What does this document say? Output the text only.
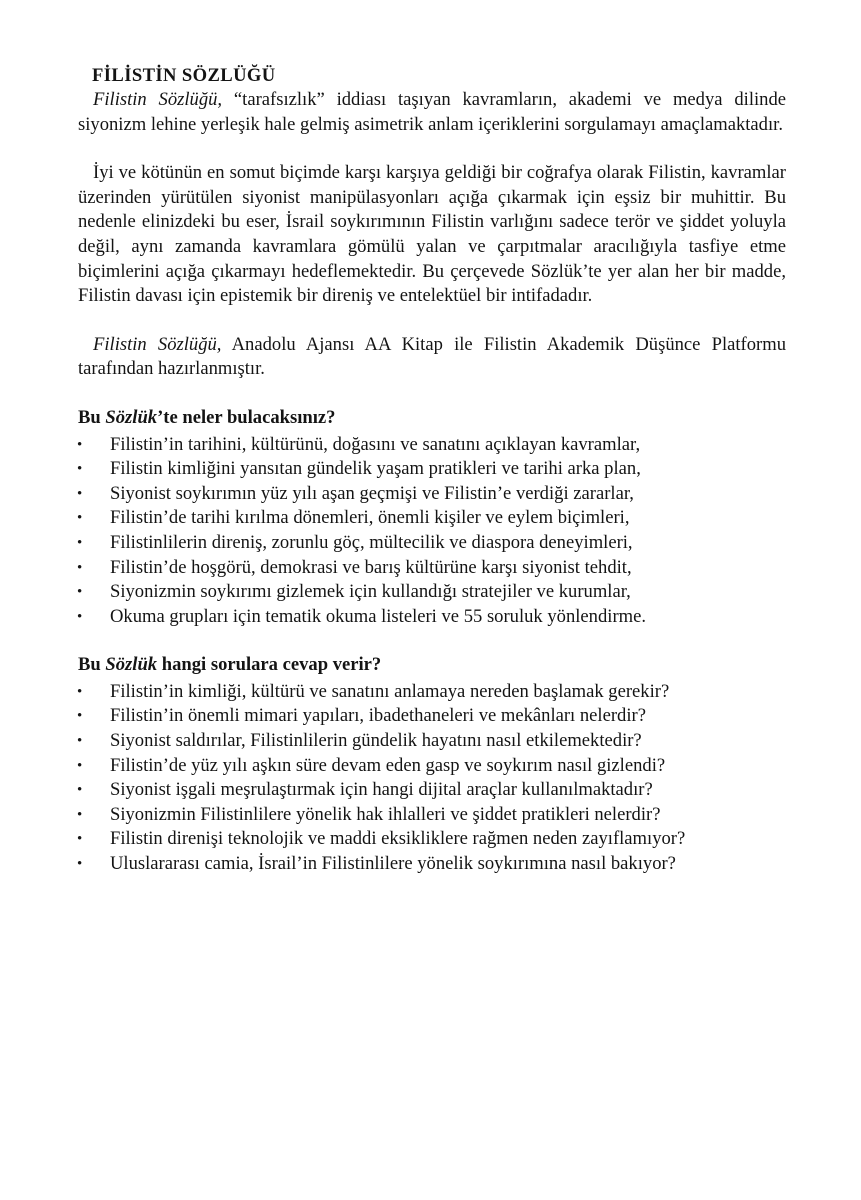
FİLİSTİN SÖZLÜĞÜ

Filistin Sözlüğü, “tarafsızlık” iddiası taşıyan kavramların, akademi ve medya dilinde siyonizm lehine yerleşik hale gelmiş asimetrik anlam içeriklerini sorgulamayı amaçlamaktadır.

İyi ve kötünün en somut biçimde karşı karşıya geldiği bir coğrafya olarak Filistin, kavramlar üzerinden yürütülen siyonist manipülasyonları açığa çıkarmak için eşsiz bir muhittir. Bu nedenle elinizdeki bu eser, İsrail soykırımının Filistin varlığını sadece terör ve şiddet yoluyla değil, aynı zamanda kavramlara gömülü yalan ve çarpıtmalar aracılığıyla tasfiye etme biçimlerini açığa çıkarmayı hedeflemektedir. Bu çerçevede Sözlük’te yer alan her bir madde, Filistin davası için epistemik bir direniş ve entelektüel bir intifadadır.

Filistin Sözlüğü, Anadolu Ajansı AA Kitap ile Filistin Akademik Düşünce Platformu tarafından hazırlanmıştır.

Bu Sözlük’te neler bulacaksınız?

• Filistin’in tarihini, kültürünü, doğasını ve sanatını açıklayan kavramlar,
• Filistin kimliğini yansıtan gündelik yaşam pratikleri ve tarihi arka plan,
• Siyonist soykırımın yüz yılı aşan geçmişi ve Filistin’e verdiği zararlar,
• Filistin’de tarihi kırılma dönemleri, önemli kişiler ve eylem biçimleri,
• Filistinlilerin direniş, zorunlu göç, mültecilik ve diaspora deneyimleri,
• Filistin’de hoşgörü, demokrasi ve barış kültürüne karşı siyonist tehdit,
• Siyonizmin soykırımı gizlemek için kullandığı stratejiler ve kurumlar,
• Okuma grupları için tematik okuma listeleri ve 55 soruluk yönlendirme.

Bu Sözlük hangi sorulara cevap verir?

• Filistin’in kimliği, kültürü ve sanatını anlamaya nereden başlamak gerekir?
• Filistin’in önemli mimari yapıları, ibadethaneleri ve mekânları nelerdir?
• Siyonist saldırılar, Filistinlilerin gündelik hayatını nasıl etkilemektedir?
• Filistin’de yüz yılı aşkın süre devam eden gasp ve soykırım nasıl gizlendi?
• Siyonist işgali meşrulaştırmak için hangi dijital araçlar kullanılmaktadır?
• Siyonizmin Filistinlilere yönelik hak ihlalleri ve şiddet pratikleri nelerdir?
• Filistin direnişi teknolojik ve maddi eksikliklere rağmen neden zayıflamıyor?
• Uluslararası camia, İsrail’in Filistinlilere yönelik soykırımına nasıl bakıyor?
